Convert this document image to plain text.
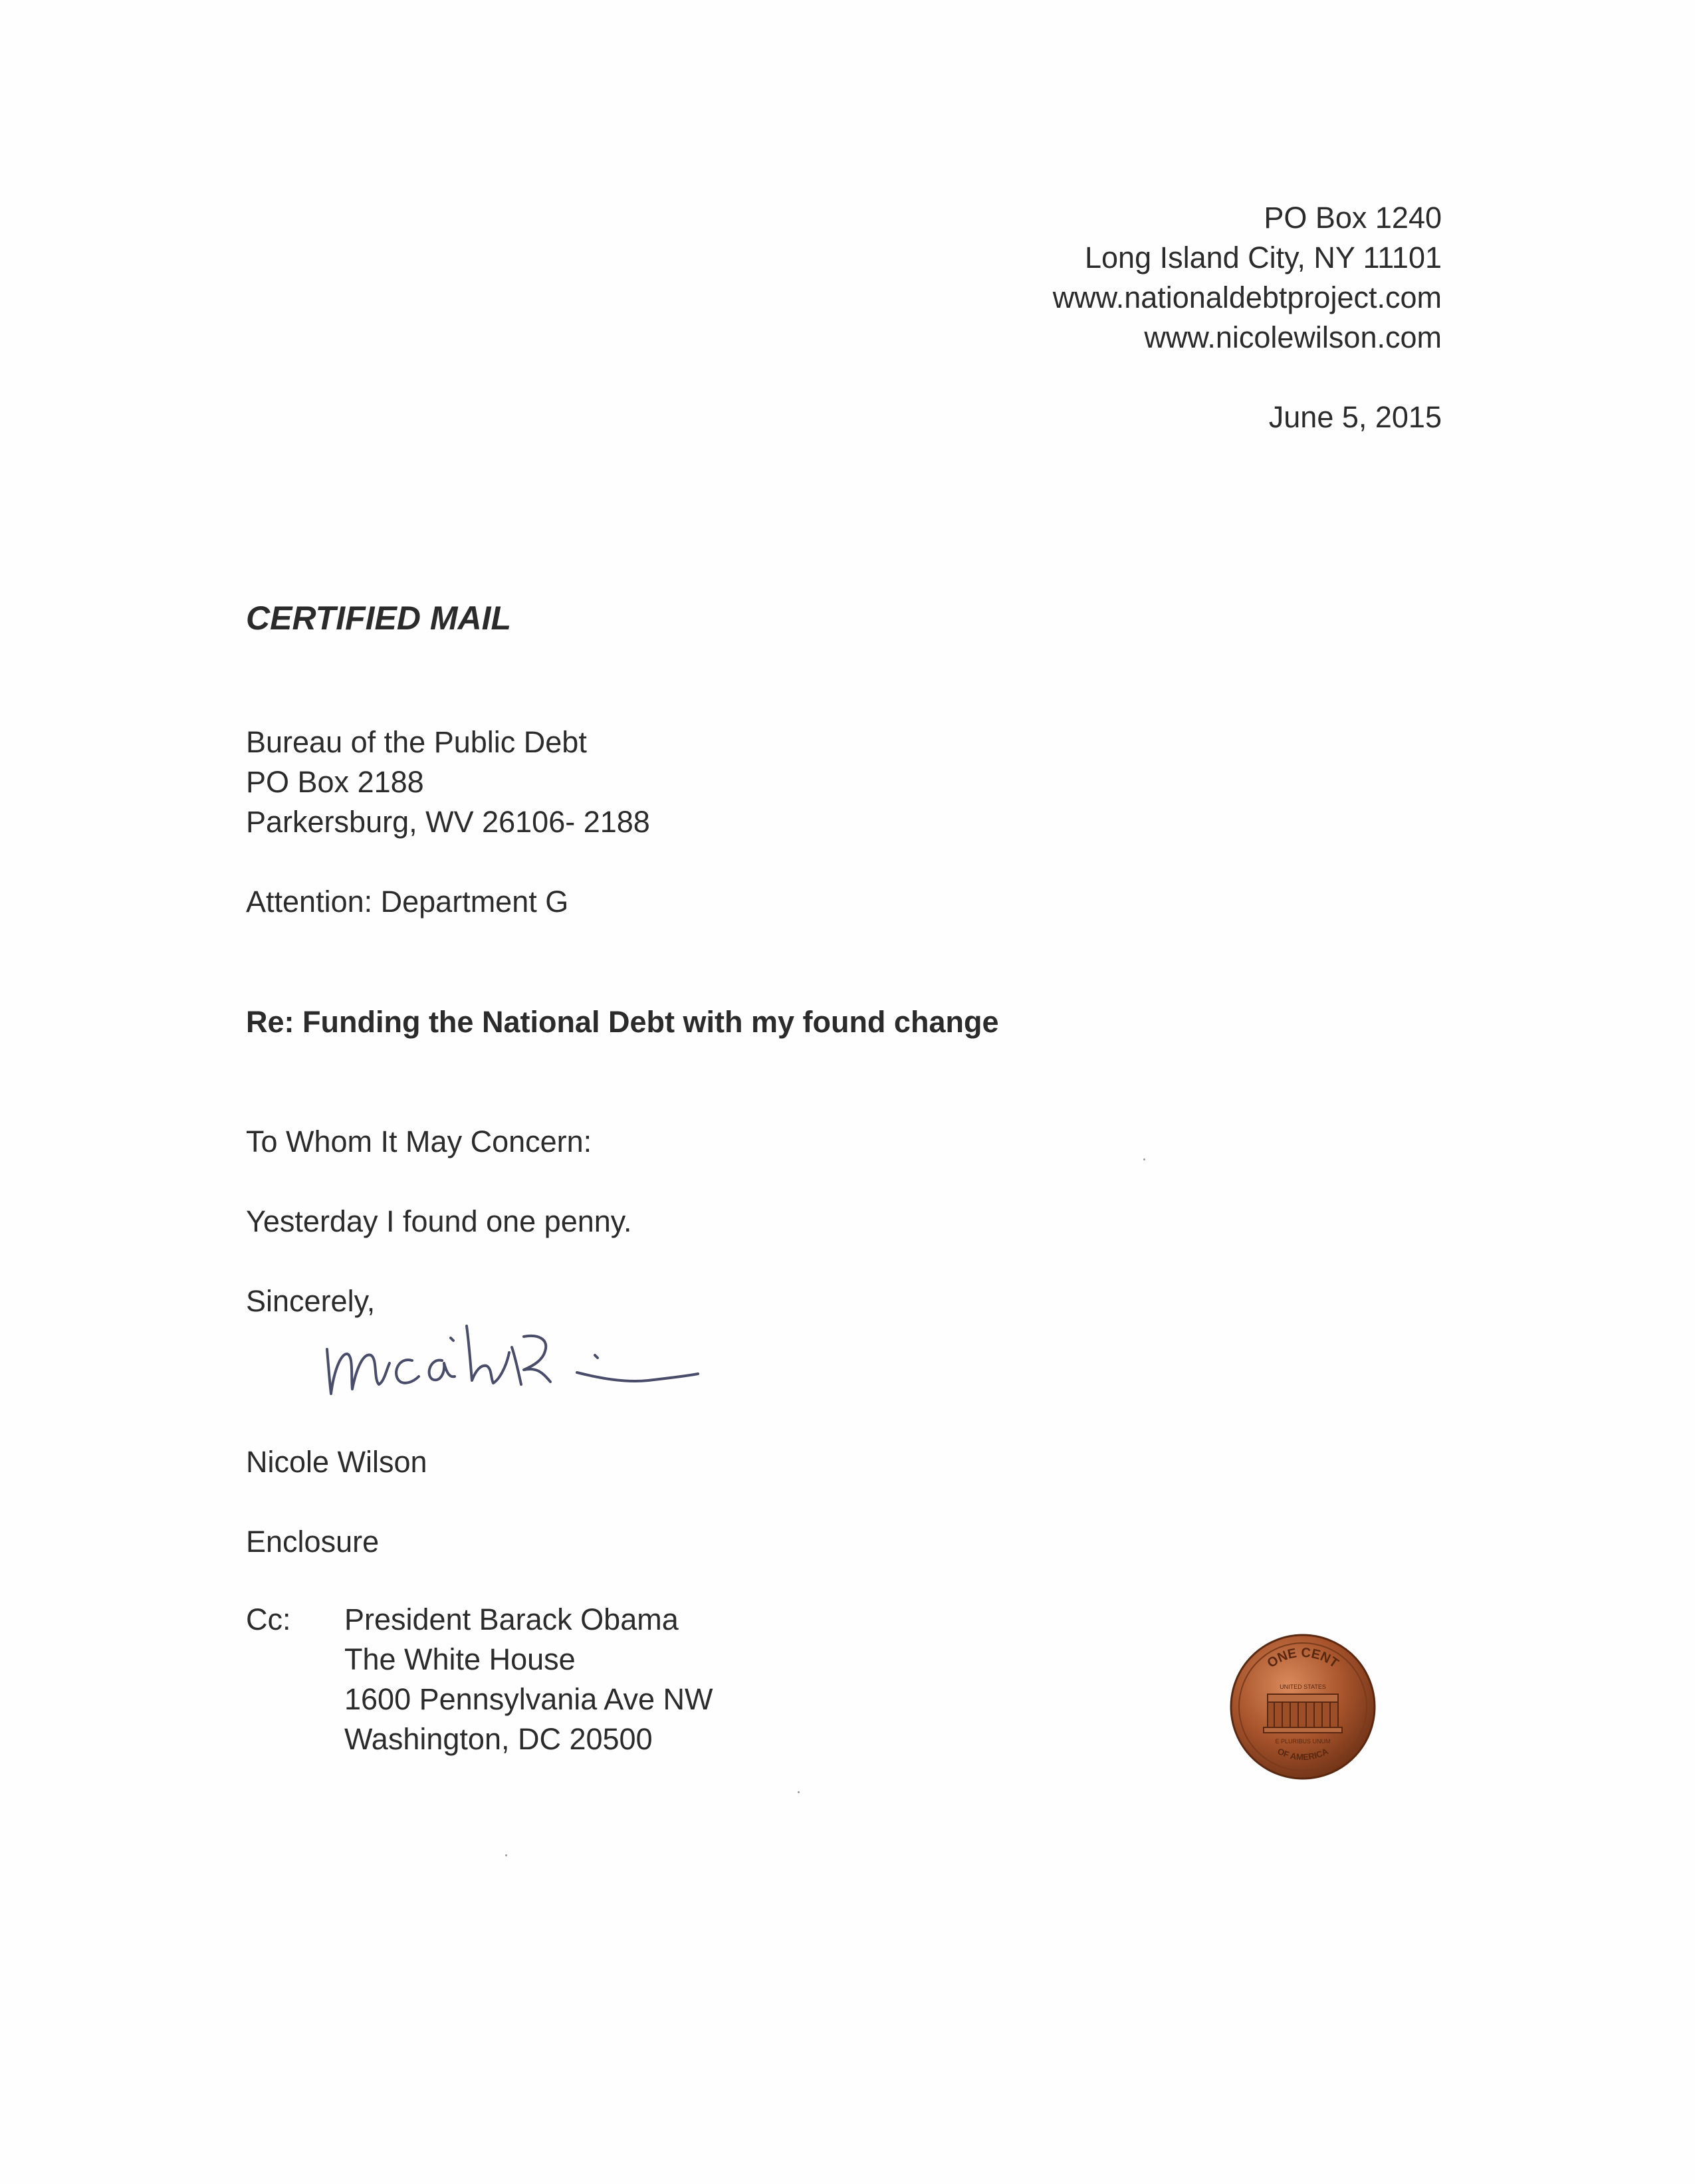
PO Box 1240
Long Island City, NY 11101
www.nationaldebtproject.com
www.nicolewilson.com
June 5, 2015
CERTIFIED MAIL
Bureau of the Public Debt
PO Box 2188
Parkersburg, WV 26106- 2188
Attention: Department G
Re: Funding the National Debt with my found change
To Whom It May Concern:
Yesterday I found one penny.
Sincerely,
Nicole Wilson
Enclosure
Cc: President Barack Obama
The White House
1600 Pennsylvania Ave NW
Washington, DC 20500
ONE CENT
OF AMERICA
UNITED STATES
E PLURIBUS UNUM
